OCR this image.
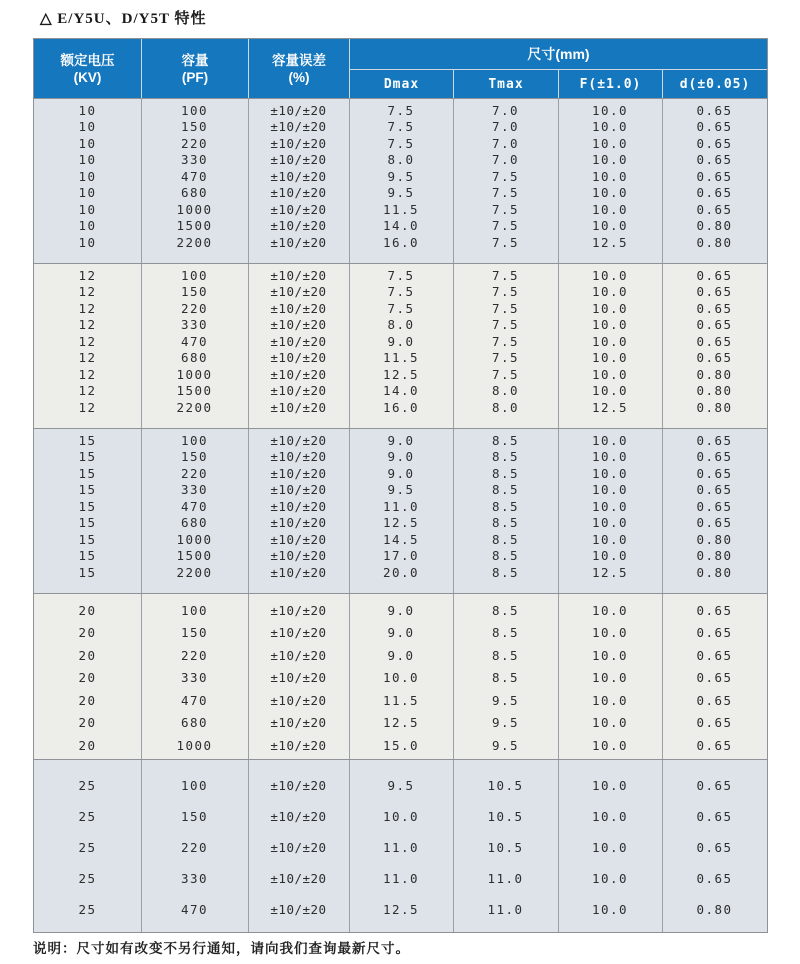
△ E/Y5U、D/Y5T 特性
额定电压
(KV)
容量
(PF)
容量误差
(%)
尺寸(mm)
Dmax	Tmax	F(±1.0)	d(±0.05)
10	100	±10/±20	7.5	7.0	10.0	0.65
10	150	±10/±20	7.5	7.0	10.0	0.65
10	220	±10/±20	7.5	7.0	10.0	0.65
10	330	±10/±20	8.0	7.0	10.0	0.65
10	470	±10/±20	9.5	7.5	10.0	0.65
10	680	±10/±20	9.5	7.5	10.0	0.65
10	1000	±10/±20	11.5	7.5	10.0	0.65
10	1500	±10/±20	14.0	7.5	10.0	0.80
10	2200	±10/±20	16.0	7.5	12.5	0.80
12	100	±10/±20	7.5	7.5	10.0	0.65
12	150	±10/±20	7.5	7.5	10.0	0.65
12	220	±10/±20	7.5	7.5	10.0	0.65
12	330	±10/±20	8.0	7.5	10.0	0.65
12	470	±10/±20	9.0	7.5	10.0	0.65
12	680	±10/±20	11.5	7.5	10.0	0.65
12	1000	±10/±20	12.5	7.5	10.0	0.80
12	1500	±10/±20	14.0	8.0	10.0	0.80
12	2200	±10/±20	16.0	8.0	12.5	0.80
15	100	±10/±20	9.0	8.5	10.0	0.65
15	150	±10/±20	9.0	8.5	10.0	0.65
15	220	±10/±20	9.0	8.5	10.0	0.65
15	330	±10/±20	9.5	8.5	10.0	0.65
15	470	±10/±20	11.0	8.5	10.0	0.65
15	680	±10/±20	12.5	8.5	10.0	0.65
15	1000	±10/±20	14.5	8.5	10.0	0.80
15	1500	±10/±20	17.0	8.5	10.0	0.80
15	2200	±10/±20	20.0	8.5	12.5	0.80
20	100	±10/±20	9.0	8.5	10.0	0.65
20	150	±10/±20	9.0	8.5	10.0	0.65
20	220	±10/±20	9.0	8.5	10.0	0.65
20	330	±10/±20	10.0	8.5	10.0	0.65
20	470	±10/±20	11.5	9.5	10.0	0.65
20	680	±10/±20	12.5	9.5	10.0	0.65
20	1000	±10/±20	15.0	9.5	10.0	0.65
25	100	±10/±20	9.5	10.5	10.0	0.65
25	150	±10/±20	10.0	10.5	10.0	0.65
25	220	±10/±20	11.0	10.5	10.0	0.65
25	330	±10/±20	11.0	11.0	10.0	0.65
25	470	±10/±20	12.5	11.0	10.0	0.80
说明：尺寸如有改变不另行通知，请向我们查询最新尺寸。
